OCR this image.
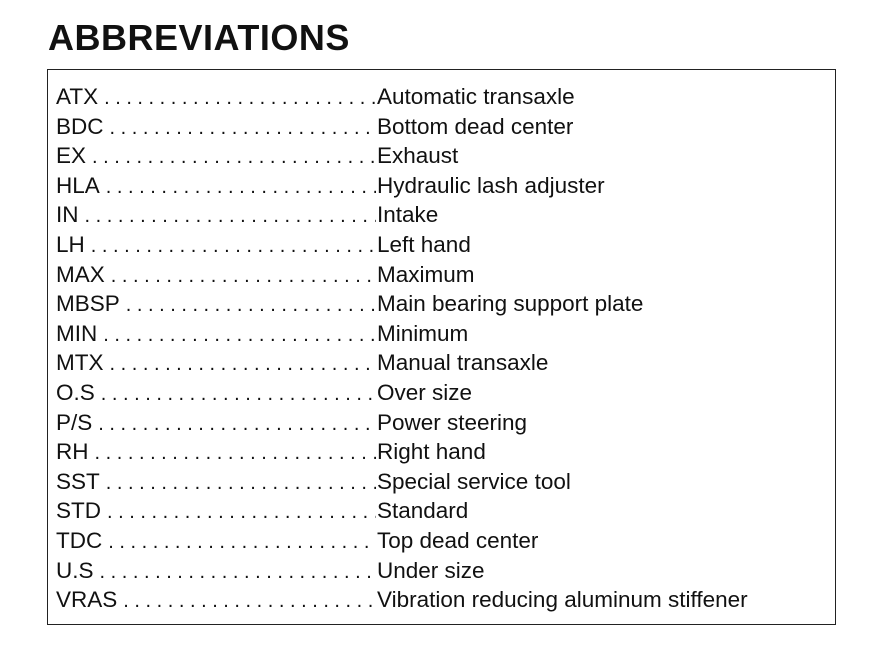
ABBREVIATIONS
ATX . . .	Automatic transaxle
BDC . . .	Bottom dead center
EX . . .	Exhaust
HLA . . .	Hydraulic lash adjuster
IN . . .	Intake
LH . . .	Left hand
MAX . . .	Maximum
MBSP . . .	Main bearing support plate
MIN . . .	Minimum
MTX . . .	Manual transaxle
O.S . . .	Over size
P/S . . .	Power steering
RH . . .	Right hand
SST . . .	Special service tool
STD . . .	Standard
TDC . . .	Top dead center
U.S . . .	Under size
VRAS . . .	Vibration reducing aluminum stiffener
